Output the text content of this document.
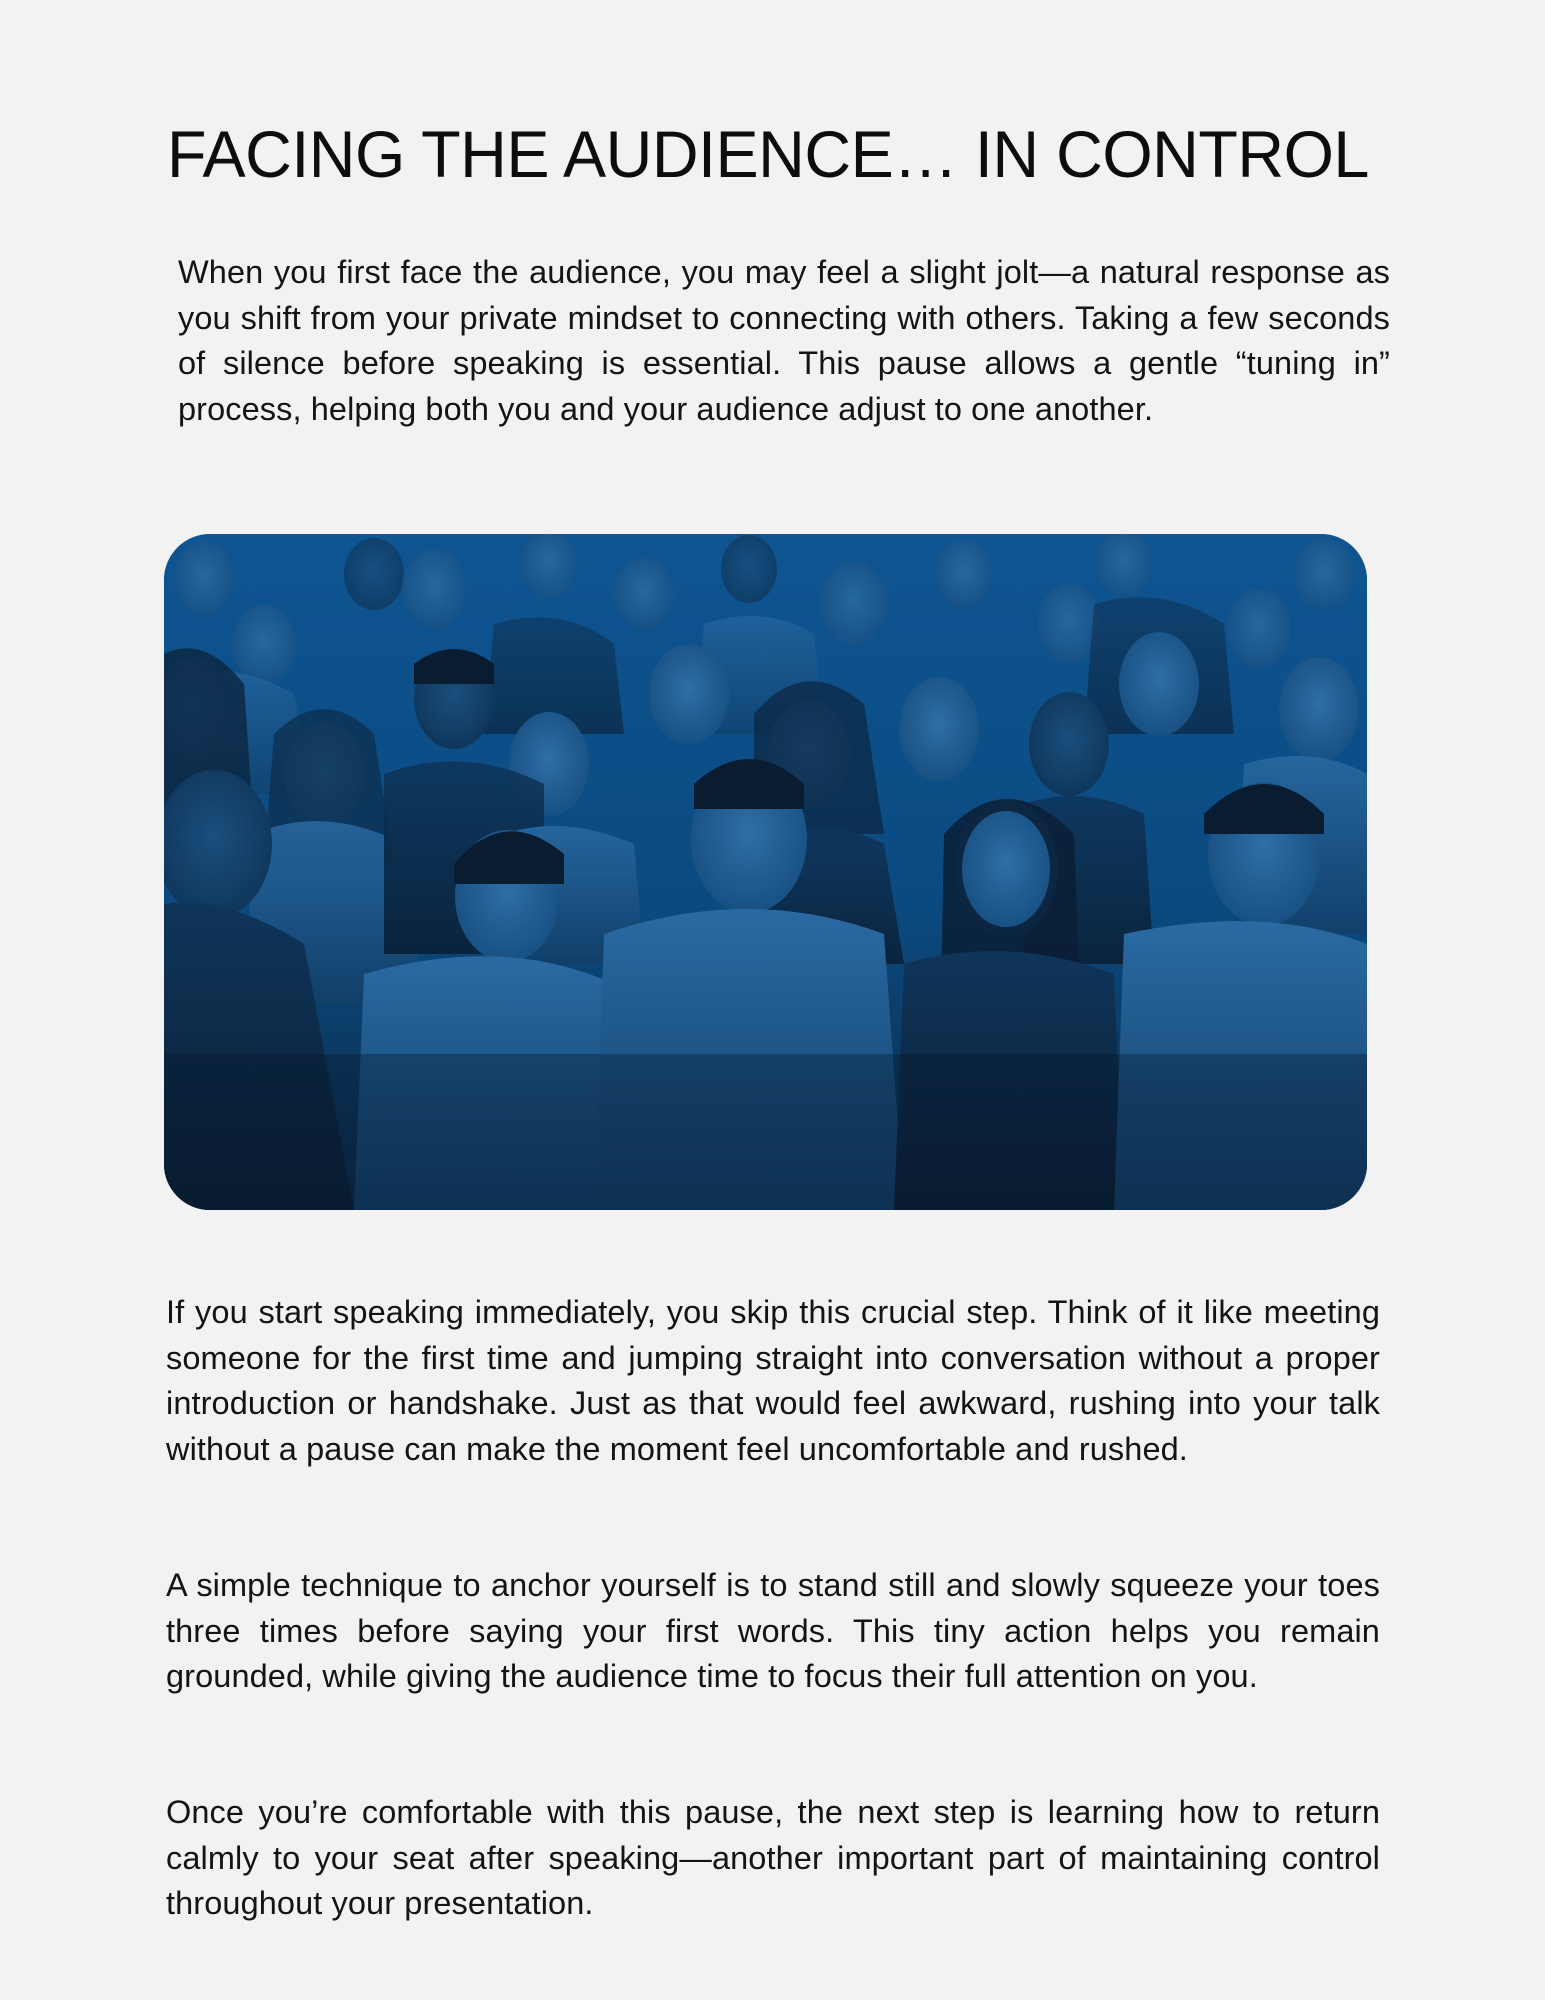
FACING THE AUDIENCE… IN CONTROL

When you first face the audience, you may feel a slight jolt—a natural response as you shift from your private mindset to connecting with others. Taking a few seconds of silence before speaking is essential. This pause allows a gentle “tuning in” process, helping both you and your audience adjust to one another.

If you start speaking immediately, you skip this crucial step. Think of it like meeting someone for the first time and jumping straight into conversation without a proper introduction or handshake. Just as that would feel awkward, rushing into your talk without a pause can make the moment feel uncomfortable and rushed.

A simple technique to anchor yourself is to stand still and slowly squeeze your toes three times before saying your first words. This tiny action helps you remain grounded, while giving the audience time to focus their full attention on you.

Once you’re comfortable with this pause, the next step is learning how to return calmly to your seat after speaking—another important part of maintaining control throughout your presentation.
